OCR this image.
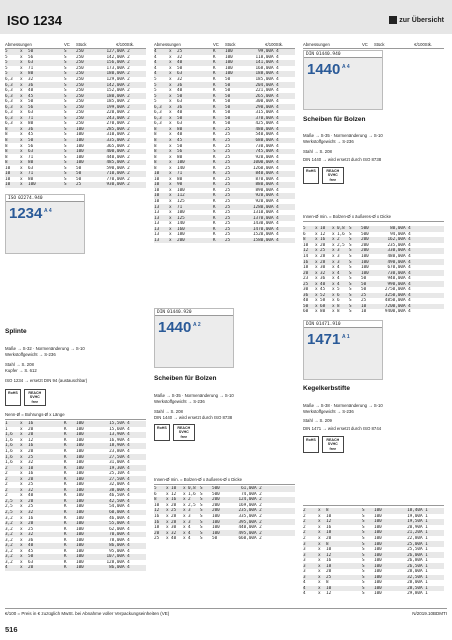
ISO 1234	zur Übersicht
Abmessungen	VC	Stück	€/100Stk.
5	x	50	S	250	127,00 A 2
5	x	56	S	250	142,00 A 2
5	x	63	S	250	156,00 A 2
5	x	71	S	250	173,00 A 2
5	x	80	S	250	180,00 A 2
6,3	x	32	S	250	129,00 A 2
6,3	x	36	S	250	142,00 A 2
6,3	x	40	S	250	152,00 A 2
6,3	x	45	S	250	180,00 A 2
6,3	x	50	S	250	185,00 A 2
6,3	x	56	S	250	199,00 A 2
6,3	x	63	S	250	220,00 A 2
6,3	x	71	S	250	243,00 A 2
6,3	x	80	S	250	270,00 A 2
8	x	36	S	100	285,00 A 2
8	x	45	S	100	310,00 A 2
8	x	50	S	100	335,00 A 2
8	x	56	S	100	365,00 A 2
8	x	63	S	100	400,00 A 2
8	x	71	S	100	440,00 A 2
8	x	80	S	100	485,00 A 2
10	x	63	S	50	590,00 A 2
10	x	71	S	50	710,00 A 2
10	x	80	S	50	770,00 A 2
10	x	100	S	25	930,00 A 2
Abmessungen	VC	Stück	€/100Stk.
4	x	25	K	100	99,00 A 4
4	x	32	K	100	118,00 A 4
4	x	40	K	100	141,00 A 4
4	x	50	K	100	168,00 A 4
4	x	63	K	100	188,00 A 4
5	x	32	K	50	185,00 A 4
5	x	36	K	50	204,00 A 4
5	x	40	K	50	221,00 A 4
5	x	50	K	50	265,00 A 4
5	x	63	K	50	300,00 A 4
6,3	x	36	K	50	290,00 A 4
6,3	x	40	K	50	315,00 A 4
6,3	x	50	K	50	370,00 A 4
6,3	x	63	K	50	425,00 A 4
8	x	80	K	25	480,00 A 4
8	x	40	K	25	540,00 A 4
8	x	45	K	25	680,00 A 4
8	x	50	K	25	730,00 A 4
8	x	56	S	25	745,00 A 4
8	x	80	K	25	920,00 A 4
8	x	100	K	25	1000,00 A 4
8	x	140	K	25	1260,00 A 4
10	x	71	K	25	840,00 A 4
10	x	80	K	25	870,00 A 4
10	x	90	K	25	880,00 A 4
10	x	100	K	25	890,00 A 4
10	x	112	K	25	920,00 A 4
10	x	125	K	25	920,00 A 4
13	x	71	K	25	1280,00 A 4
13	x	100	K	25	1310,00 A 4
13	x	125	K	25	1370,00 A 4
13	x	140	K	25	1430,00 A 4
13	x	160	K	25	1470,00 A 4
13	x	180	K	25	1520,00 A 4
13	x	200	K	25	1580,00 A 4
Abmessungen	VC	Stück	€/100Stk.
ISO 02274.940
1234 A 4
Splinte
Maße → S-32 · Normenänderung → S-10
Werkstoffgewicht → S-236
Stahl → S. 208
Kupfer → S. 612
ISO 1234 → ersetzt DIN 94 (austauschbar)
RoHS	REACH SVHC free
Nenn-Ø = Bohrungs-Ø x Länge
1	x	16	K	100	15,50 A 4
1	x	20	K	100	15,60 A 4
1,6	x	20	K	100	13,90 A 4
1,6	x	12	K	100	16,90 A 4
1,6	x	16	K	100	18,90 A 4
1,6	x	20	K	100	23,80 A 4
1,6	x	25	K	100	27,50 A 4
1,6	x	32	K	100	31,00 A 4
2	x	10	K	100	19,30 A 4
2	x	16	K	100	25,10 A 4
2	x	20	K	100	27,50 A 4
2	x	25	K	100	32,00 A 4
2	x	32	K	100	38,00 A 4
2	x	40	K	100	46,50 A 4
2,5	x	20	K	100	42,50 A 4
2,5	x	25	K	100	54,00 A 4
2,5	x	32	K	100	60,00 A 4
3,2	x	16	K	100	46,00 A 4
3,2	x	20	K	100	55,00 A 4
3,2	x	25	K	100	62,00 A 4
3,2	x	32	K	100	70,00 A 4
3,2	x	36	K	100	78,00 A 4
3,2	x	40	K	100	86,00 A 4
3,2	x	45	K	100	95,00 A 4
3,2	x	50	K	100	107,00 A 4
3,2	x	63	K	100	128,00 A 4
4	x	20	K	100	86,00 A 4
DIN 01440.920
1440 A 2
Scheiben für Bolzen
Maße → S-35 · Normenänderung → S-10
Werkstoffgewicht → S-236
Stahl → S. 208
DIN 1440 → wird ersetzt durch ISO 8738
RoHS	REACH SVHC free
Innen-Ø min. = Bolzen-Ø x äußeres-Ø x Dicke
5	x 10	x 0,8 S	500	61,00 A 2
6	x 12	x 1,6 S	500	74,00 A 2
8	x 16	x 2	S	200	124,00 A 2
10	x 20	x 2,5 S	200	169,00 A 2
12	x 25	x 3	S	200	235,00 A 2
16	x 28	x 3	S	100	335,00 A 2
16	x 28	x 3	S	100	395,00 A 2
18	x 30	x 4	S	100	440,00 A 2
20	x 32	x 4	S	100	495,00 A 2
25	x 40	x 4	S	50	660,00 A 2
DIN 01440.940
1440 A 4
Scheiben für Bolzen
Maße → S-35 · Normenänderung → S-10
Werkstoffgewicht → S-236
Stahl → S. 208
DIN 1440 → wird ersetzt durch ISO 8738
RoHS	REACH SVHC free
Innen-Ø min. = Bolzen-Ø x äußeres-Ø x Dicke
5	x 10	x 0,8 S	500	80,00 A 4
6	x 12	x 1,6 S	500	94,00 A 4
8	x 16	x 2	S	200	162,00 A 4
10	x 20	x 2,5 S	200	235,00 A 4
12	x 25	x 3	S	200	330,00 A 4
14	x 28	x 3	S	100	480,00 A 4
16	x 28	x 3	S	100	490,00 A 4
18	x 30	x 4	S	100	670,00 A 4
20	x 32	x 4	S	100	730,00 A 4
23	x 36	x 4	S	50	940,00 A 4
25	x 40	x 4	S	50	990,00 A 4
30	x 45	x 5	S	50	2750,00 A 4
36	x 52	x 6	S	25	3250,00 A 4
40	x 58	x 6	S	25	4850,00 A 4
50	x 68	x 8	S	10	7200,00 A 4
60	x 80	x 8	S	10	9400,00 A 4
DIN 01471.910
1471 A 1
Kegelkerbstifte
Maße → S-38 · Normenänderung → S-10
Werkstoffgewicht → S-236
Stahl → S. 209
DIN 1471 → wird ersetzt durch ISO 8744
RoHS	REACH SVHC free
2	x	8	S	100	18,40 A 1
2	x	10	S	100	19,00 A 1
2	x	12	S	100	19,50 A 1
2	x	16	S	100	20,90 A 1
2	x	18	S	100	21,20 A 1
2	x	20	S	100	22,80 A 1
3	x	8	S	100	25,00 A 1
3	x	10	S	100	25,50 A 1
3	x	12	S	100	26,00 A 1
3	x	16	S	100	26,80 A 1
3	x	18	S	100	26,50 A 1
3	x	20	S	100	28,00 A 1
3	x	25	S	100	32,50 A 1
4	x	8	S	100	28,00 A 1
4	x	10	S	100	28,50 A 1
4	x	12	S	100	29,80 A 1
€/100 = Preis in € zuzüglich MwSt. bei Abnahme voller Verpackungseinheiten (VE)	N/2019.10BDMTI
516
